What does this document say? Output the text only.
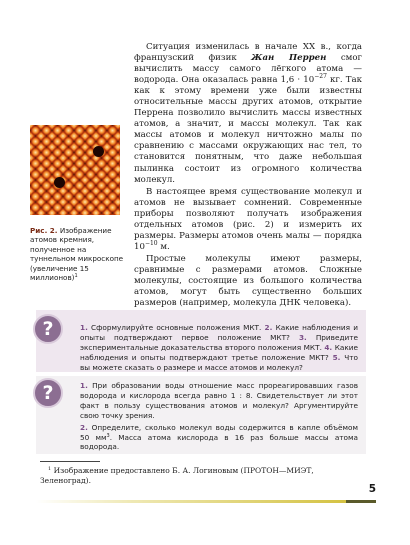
Рис. 2. Изображение атомов кремния, полученное на туннельном микроскопе (увеличение 15 миллионов)$^1$

Ситуация изменилась в начале XX в., когда французский физик Жан Перрен смог вычислить массу самого лёгкого атома — водорода. Она оказалась равна $1,6 \cdot 10^{-27}$ кг. Так как к этому времени уже были известны относительные массы других атомов, открытие Перрена позволило вычислить массы известных атомов, а значит, и массы молекул. Так как массы атомов и молекул ничтожно малы по сравнению с массами окружающих нас тел, то становится понятным, что даже небольшая пылинка состоит из огромного количества молекул.

В настоящее время существование молекул и атомов не вызывает сомнений. Современные приборы позволяют получать изображения отдельных атомов (рис. 2) и измерить их размеры. Размеры атомов очень малы — порядка $10^{-10}$ м.

Простые молекулы имеют размеры, сравнимые с размерами атомов. Сложные молекулы, состоящие из большого количества атомов, могут быть существенно больших размеров (например, молекула ДНК человека).

?	1. Сформулируйте основные положения МКТ. 2. Какие наблюдения и опыты подтверждают первое положение МКТ? 3. Приведите экспериментальные доказательства второго положения МКТ. 4. Какие наблюдения и опыты подтверждают третье положение МКТ? 5. Что вы можете сказать о размере и массе атомов и молекул?

?	1. При образовании воды отношение масс прореагировавших газов водорода и кислорода всегда равно 1 : 8. Свидетельствует ли этот факт в пользу существования атомов и молекул? Аргументируйте свою точку зрения.

2. Определите, сколько молекул воды содержится в капле объёмом 50 $мм^3$. Масса атома кислорода в 16 раз больше массы атома водорода.

$^1$ Изображение предоставлено Б. А. Логиновым (ПРОТОН—МИЭТ, Зеленоград).
5
